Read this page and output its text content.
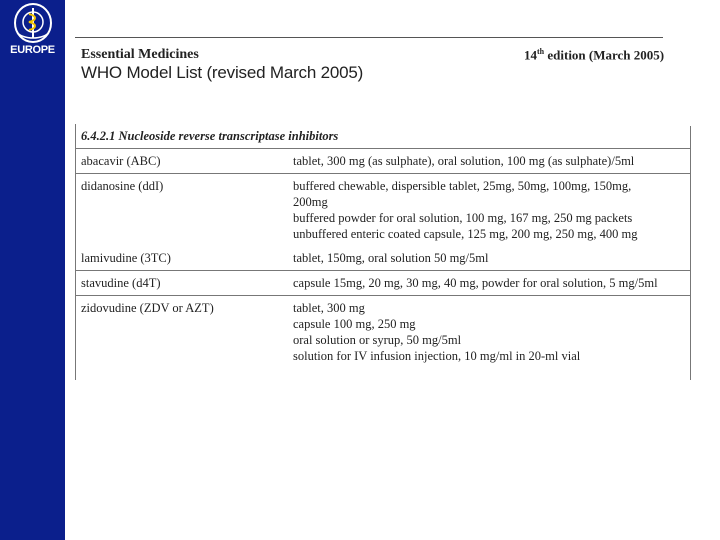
EUROPE	Essential Medicines	14th edition (March 2005)
WHO Model List (revised March 2005)
6.4.2.1 Nucleoside reverse transcriptase inhibitors	
abacavir (ABC)	tablet, 300 mg (as sulphate), oral solution, 100 mg (as sulphate)/5ml

didanosine (ddI)	buffered chewable, dispersible tablet, 25mg, 50mg, 100mg, 150mg,
200mg
buffered powder for oral solution, 100 mg, 167 mg, 250 mg packets
unbuffered enteric coated capsule, 125 mg, 200 mg, 250 mg, 400 mg

lamivudine (3TC)	tablet, 150mg, oral solution 50 mg/5ml

stavudine (d4T)	capsule 15mg, 20 mg, 30 mg, 40 mg, powder for oral solution, 5 mg/5ml

zidovudine (ZDV or AZT)	tablet, 300 mg
capsule 100 mg, 250 mg
oral solution or syrup, 50 mg/5ml
solution for IV infusion injection, 10 mg/ml in 20-ml vial
